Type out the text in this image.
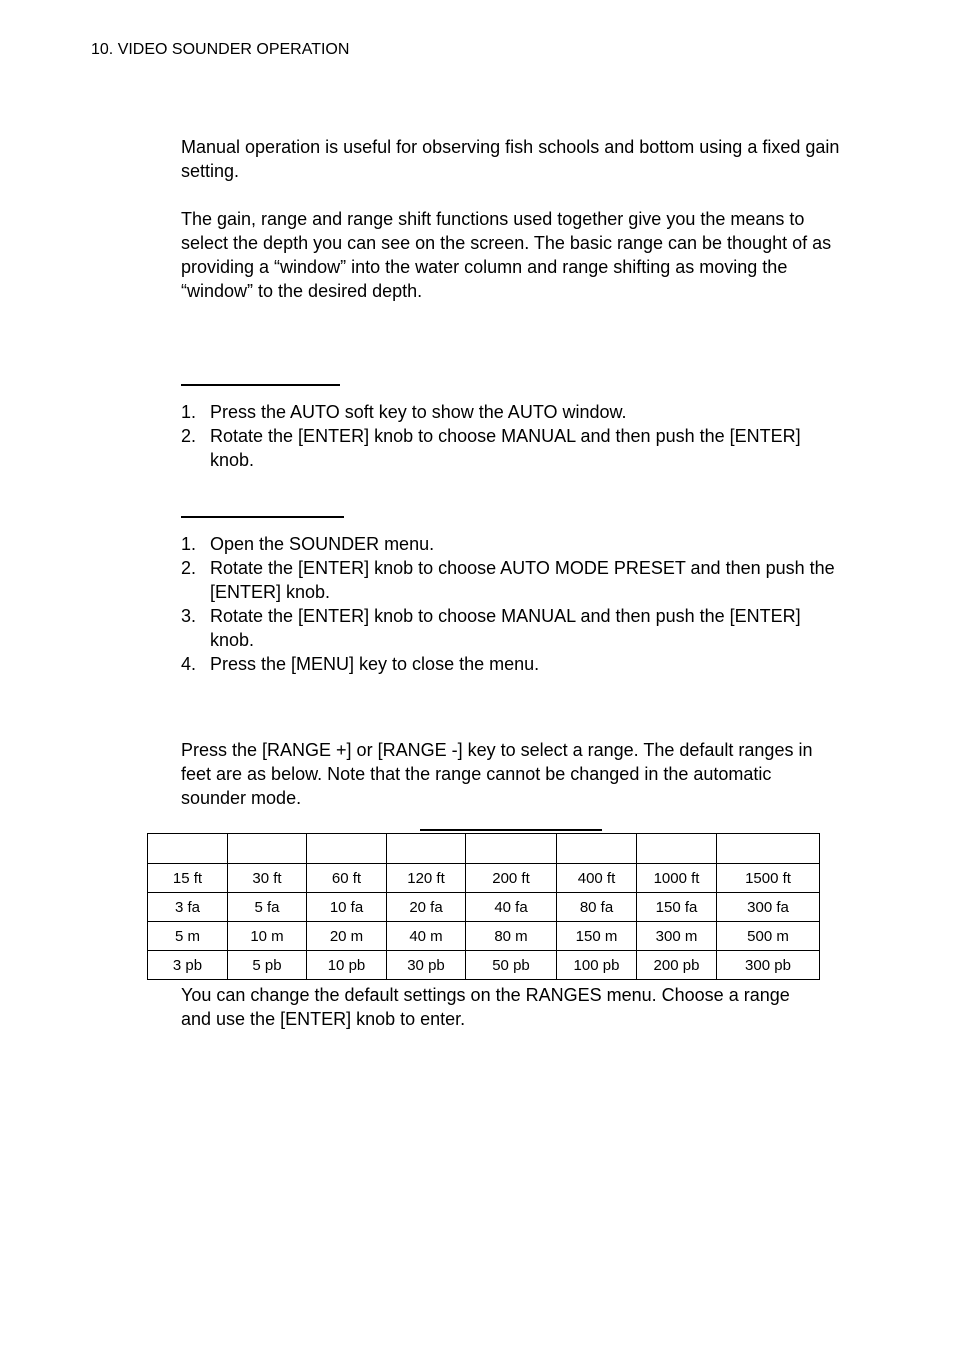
10. VIDEO SOUNDER OPERATION

Manual operation is useful for observing fish schools and bottom using a fixed gain setting.

The gain, range and range shift functions used together give you the means to select the depth you can see on the screen. The basic range can be thought of as providing a “window” into the water column and range shifting as moving the “window” to the desired depth.

1. Press the AUTO soft key to show the AUTO window.
2. Rotate the [ENTER] knob to choose MANUAL and then push the [ENTER] knob.
1. Open the SOUNDER menu.
2. Rotate the [ENTER] knob to choose AUTO MODE PRESET and then push the [ENTER] knob.
3. Rotate the [ENTER] knob to choose MANUAL and then push the [ENTER] knob.
4. Press the [MENU] key to close the menu.

Press the [RANGE +] or [RANGE -] key to select a range. The default ranges in feet are as below. Note that the range cannot be changed in the automatic sounder mode.

15 ft	30 ft	60 ft	120 ft	200 ft	400 ft	1000 ft	1500 ft
3 fa	5 fa	10 fa	20 fa	40 fa	80 fa	150 fa	300 fa
5 m	10 m	20 m	40 m	80 m	150 m	300 m	500 m
3 pb	5 pb	10 pb	30 pb	50 pb	100 pb	200 pb	300 pb

You can change the default settings on the RANGES menu. Choose a range and use the [ENTER] knob to enter.
